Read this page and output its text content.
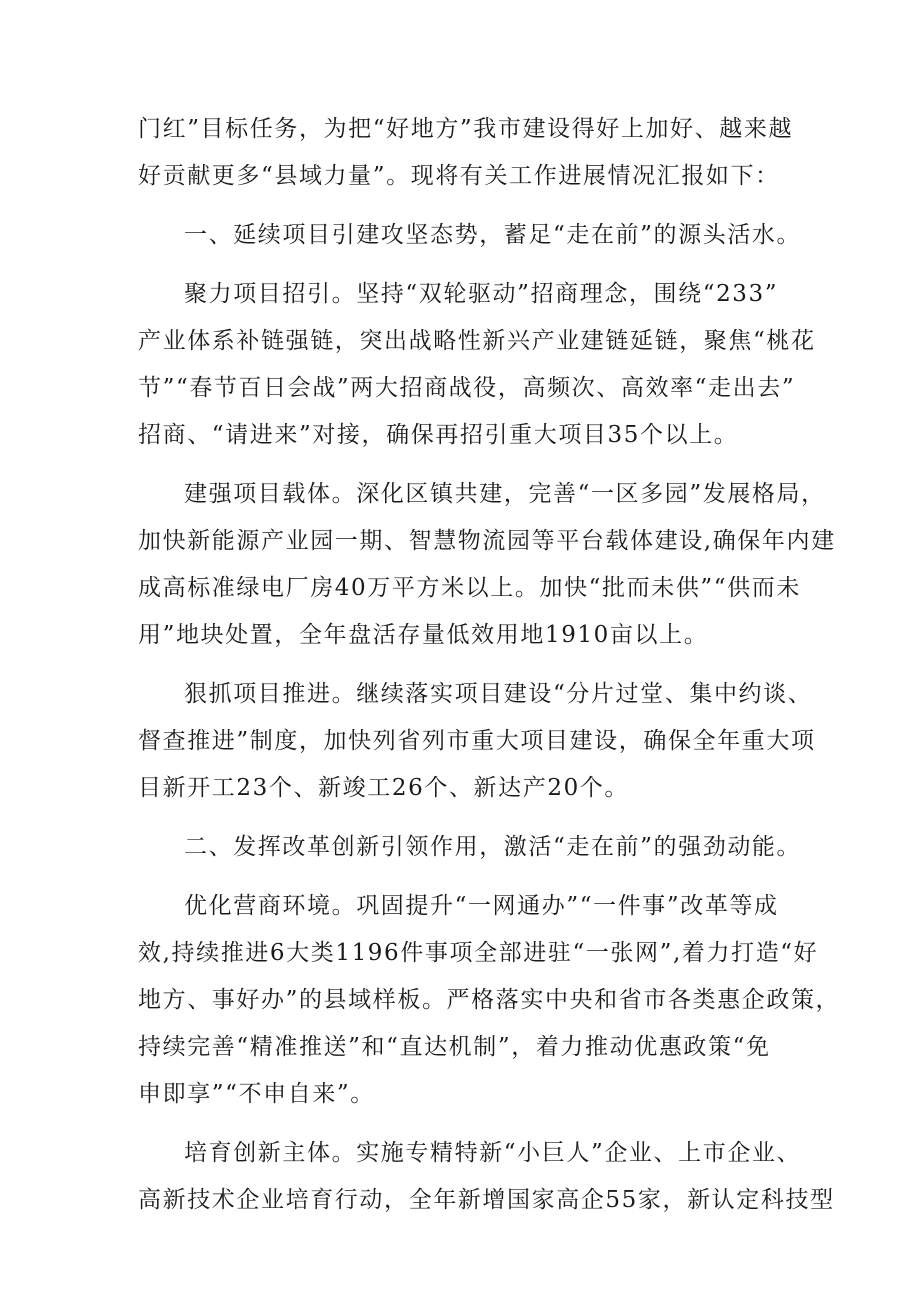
门红”目标任务，为把“好地方”我市建设得好上加好、越来越
好贡献更多“县域力量”。现将有关工作进展情况汇报如下：
一、延续项目引建攻坚态势，蓄足“走在前”的源头活水。
聚力项目招引。坚持“双轮驱动”招商理念，围绕“233”
产业体系补链强链，突出战略性新兴产业建链延链，聚焦“桃花
节”“春节百日会战”两大招商战役，高频次、高效率“走出去”
招商、“请进来”对接，确保再招引重大项目35个以上。
建强项目载体。深化区镇共建，完善“一区多园”发展格局，
加快新能源产业园一期、智慧物流园等平台载体建设,确保年内建
成高标准绿电厂房40万平方米以上。加快“批而未供”“供而未
用”地块处置，全年盘活存量低效用地1910亩以上。
狠抓项目推进。继续落实项目建设“分片过堂、集中约谈、
督查推进”制度，加快列省列市重大项目建设，确保全年重大项
目新开工23个、新竣工26个、新达产20个。
二、发挥改革创新引领作用，激活“走在前”的强劲动能。
优化营商环境。巩固提升“一网通办”“一件事”改革等成
效,持续推进6大类1196件事项全部进驻“一张网”,着力打造“好
地方、事好办”的县域样板。严格落实中央和省市各类惠企政策，
持续完善“精准推送”和“直达机制”，着力推动优惠政策“免
申即享”“不申自来”。
培育创新主体。实施专精特新“小巨人”企业、上市企业、
高新技术企业培育行动，全年新增国家高企55家，新认定科技型
